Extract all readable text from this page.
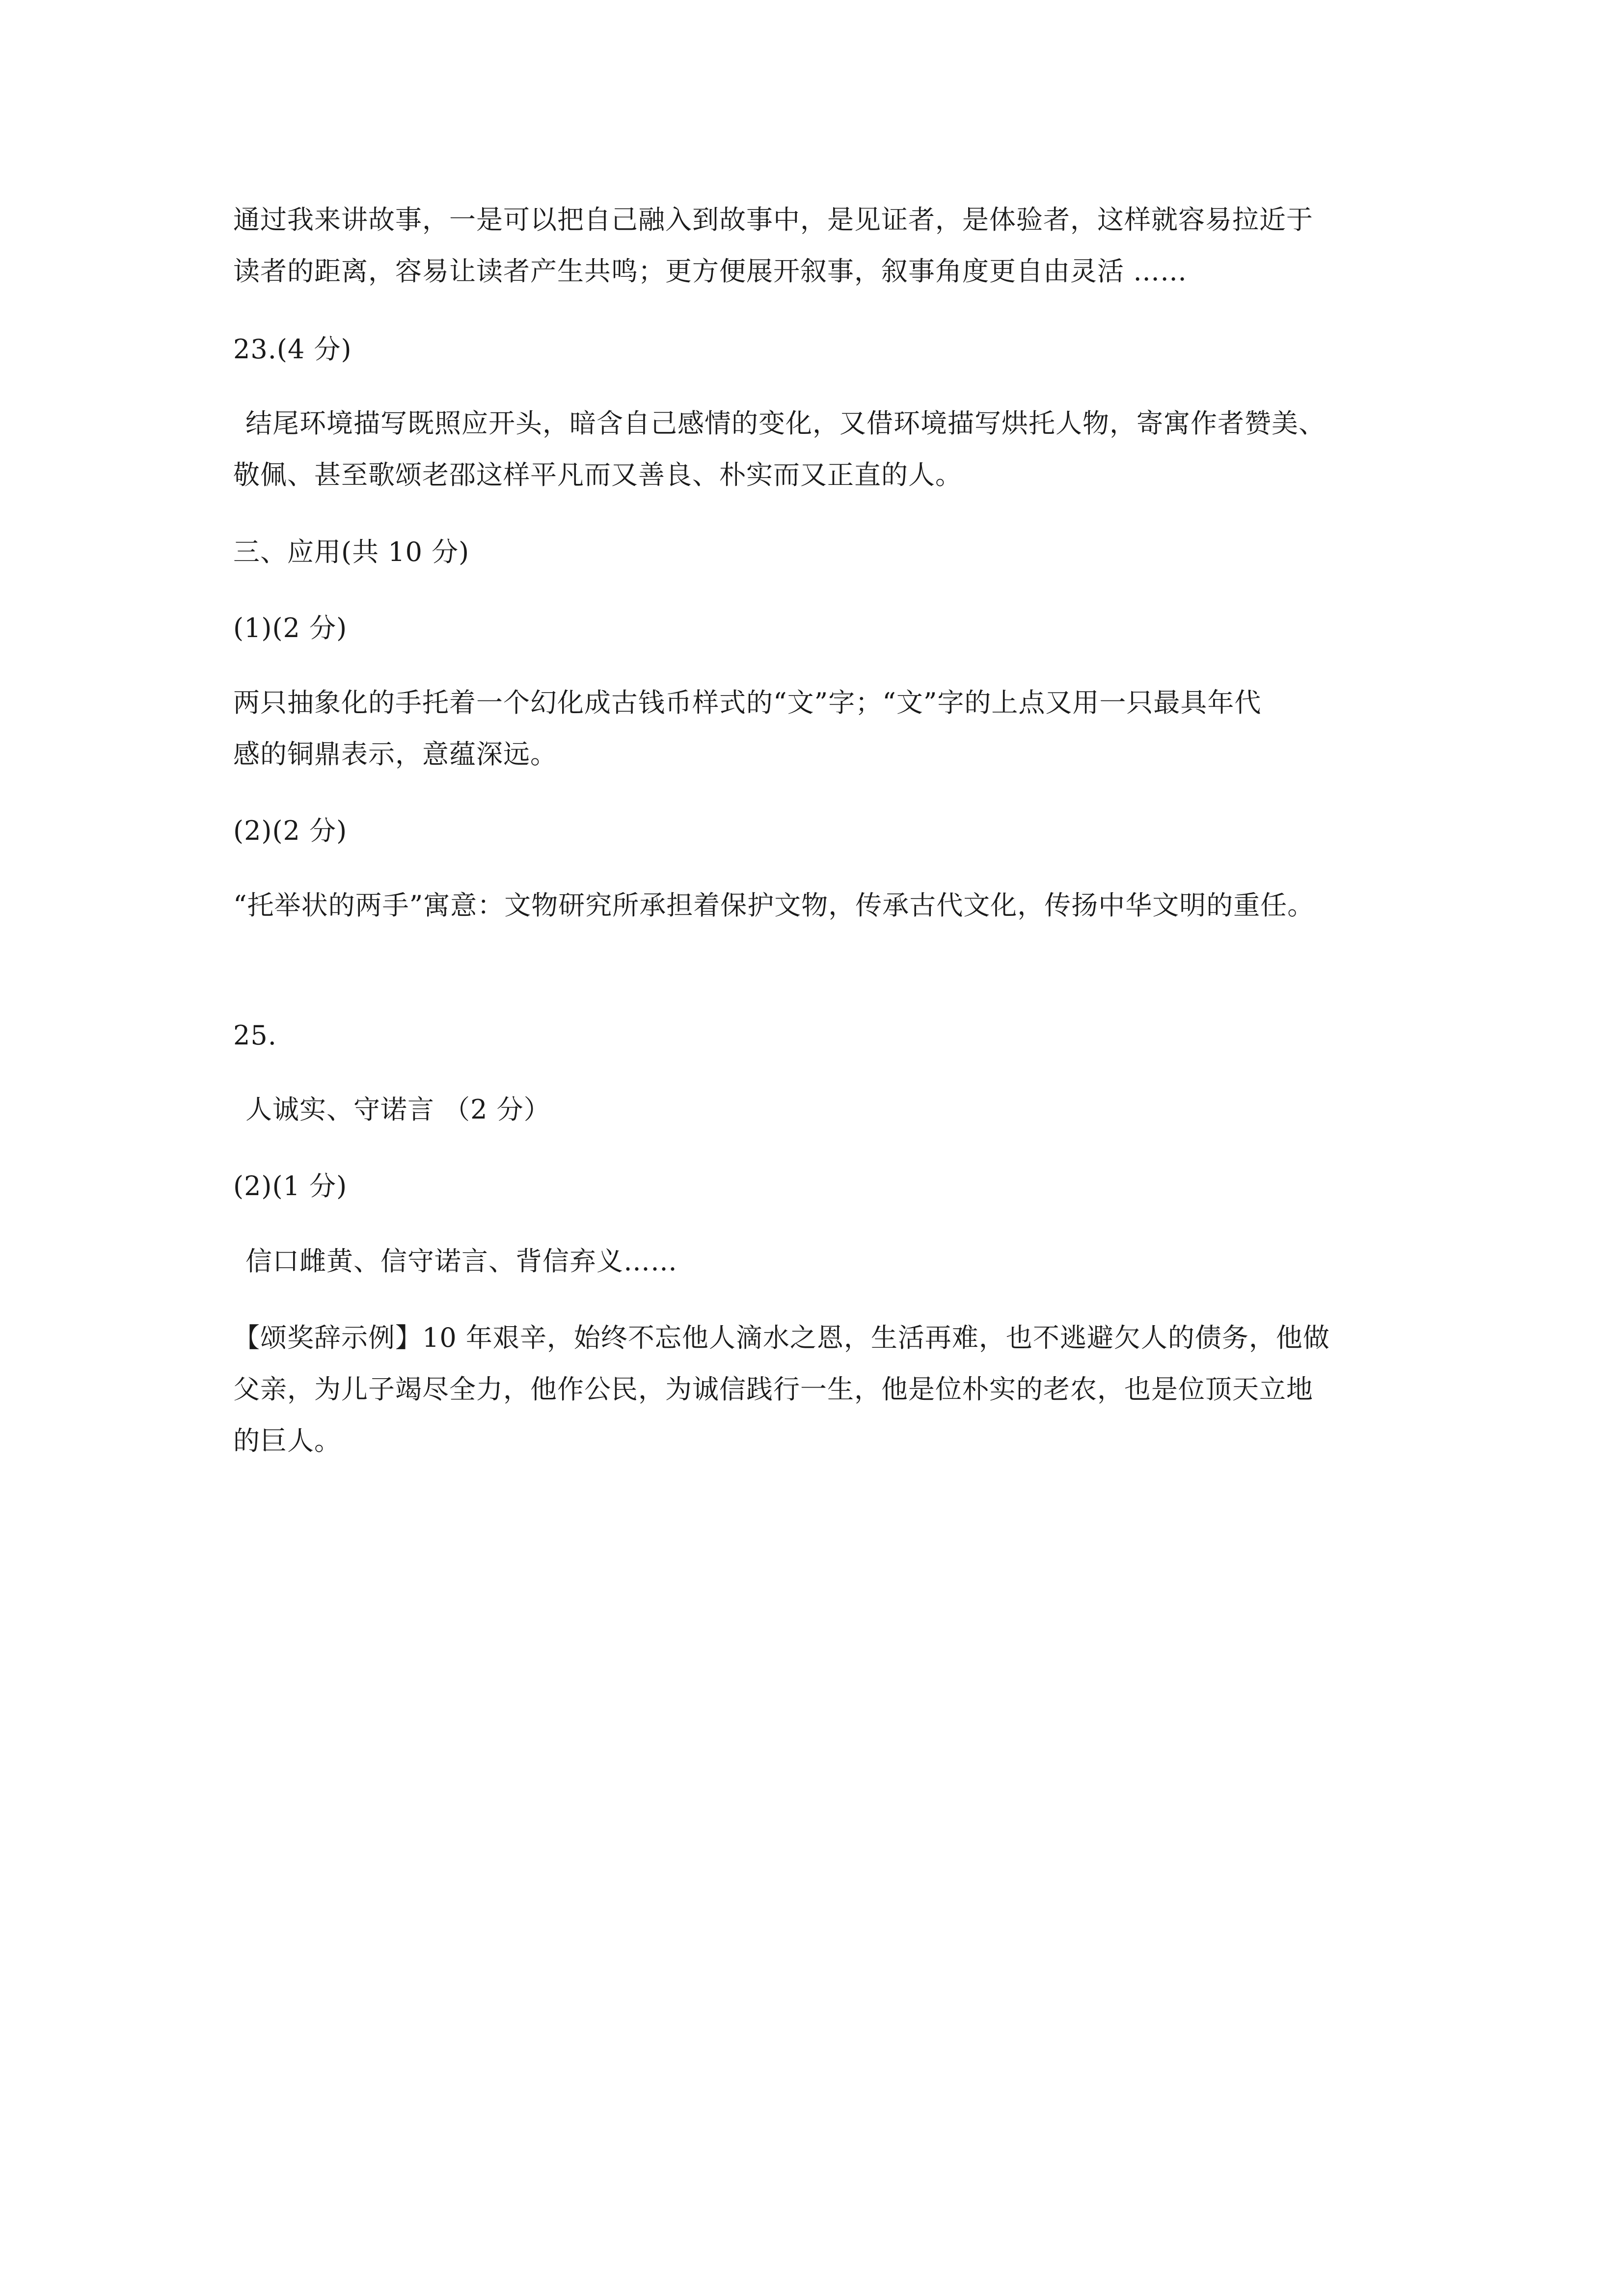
通过我来讲故事，一是可以把自己融入到故事中，是见证者，是体验者，这样就容易拉近于
读者的距离，容易让读者产生共鸣；更方便展开叙事，叙事角度更自由灵活 ……
23.(4 分)
结尾环境描写既照应开头，暗含自己感情的变化，又借环境描写烘托人物，寄寓作者赞美、
敬佩、甚至歌颂老邵这样平凡而又善良、朴实而又正直的人。
三、应用(共 10 分)
(1)(2 分)
两只抽象化的手托着一个幻化成古钱币样式的“文”字；“文”字的上点又用一只最具年代
感的铜鼎表示，意蕴深远。
(2)(2 分)
“托举状的两手”寓意：文物研究所承担着保护文物，传承古代文化，传扬中华文明的重任。
25.
人诚实、守诺言 （2 分）
(2)(1 分)
信口雌黄、信守诺言、背信弃义……
【颂奖辞示例】10 年艰辛，始终不忘他人滴水之恩，生活再难，也不逃避欠人的债务，他做
父亲，为儿子竭尽全力，他作公民，为诚信践行一生，他是位朴实的老农，也是位顶天立地
的巨人。
